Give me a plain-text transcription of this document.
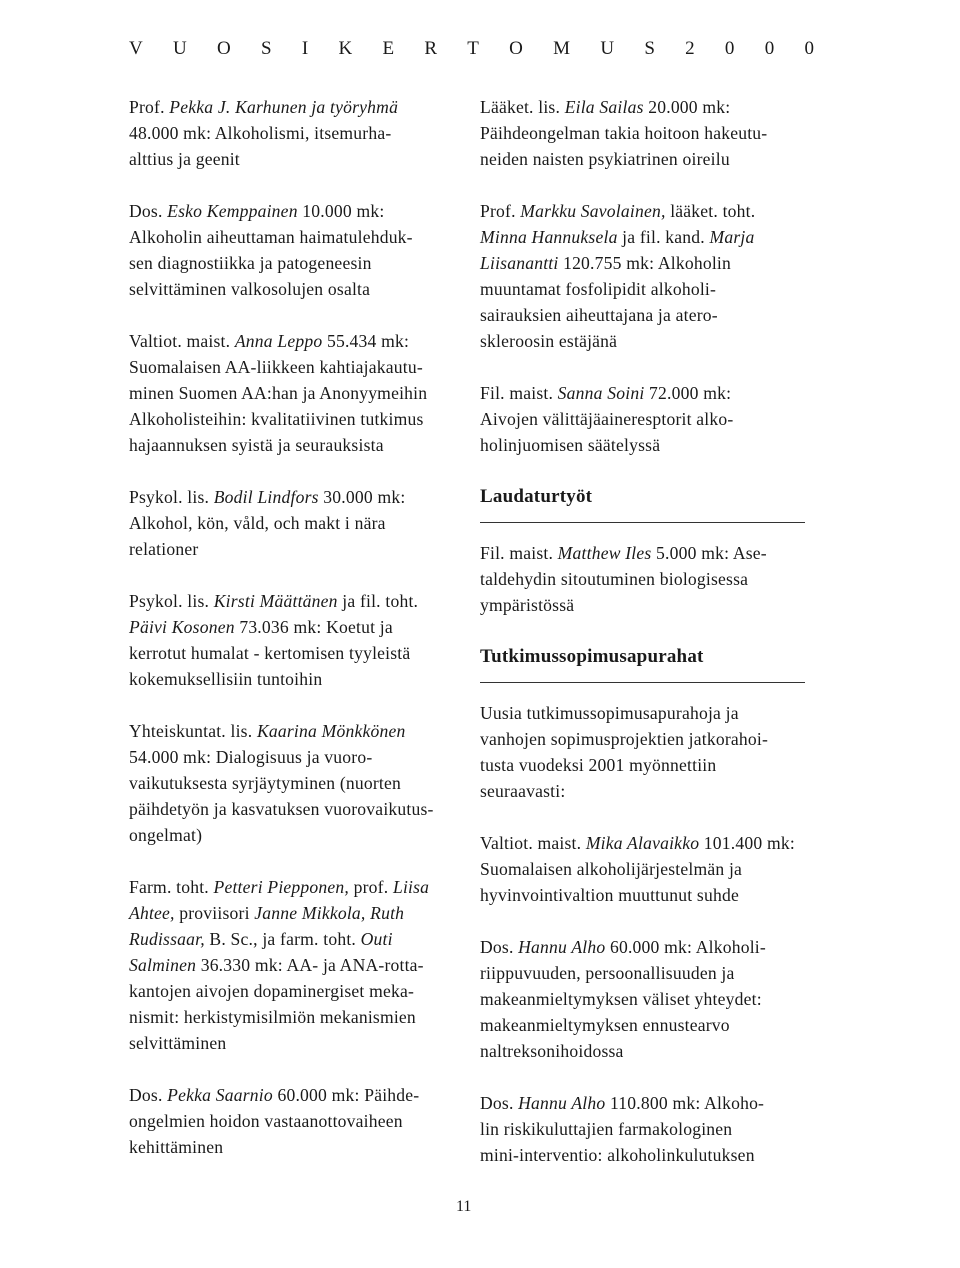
V U O S I K E R T O M U S 2 0 0 0
Prof. Pekka J. Karhunen ja työryhmä
48.000 mk: Alkoholismi, itsemurha-
alttius ja geenit
Dos. Esko Kemppainen 10.000 mk:
Alkoholin aiheuttaman haimatulehduk-
sen diagnostiikka ja patogeneesin
selvittäminen valkosolujen osalta
Valtiot. maist. Anna Leppo 55.434 mk:
Suomalaisen AA-liikkeen kahtiajakautu-
minen Suomen AA:han ja Anonyymeihin
Alkoholisteihin: kvalitatiivinen tutkimus
hajaannuksen syistä ja seurauksista
Psykol. lis. Bodil Lindfors 30.000 mk:
Alkohol, kön, våld, och makt i nära
relationer
Psykol. lis. Kirsti Määttänen ja fil. toht.
Päivi Kosonen 73.036 mk: Koetut ja
kerrotut humalat - kertomisen tyyleistä
kokemuksellisiin tuntoihin
Yhteiskuntat. lis. Kaarina Mönkkönen
54.000 mk: Dialogisuus ja vuoro-
vaikutuksesta syrjäytyminen (nuorten
päihdetyön ja kasvatuksen vuorovaikutus-
ongelmat)
Farm. toht. Petteri Piepponen, prof. Liisa
Ahtee, proviisori Janne Mikkola, Ruth
Rudissaar, B. Sc., ja farm. toht. Outi
Salminen 36.330 mk: AA- ja ANA-rotta-
kantojen aivojen dopaminergiset meka-
nismit: herkistymisilmiön mekanismien
selvittäminen
Dos. Pekka Saarnio 60.000 mk: Päihde-
ongelmien hoidon vastaanottovaiheen
kehittäminen
Lääket. lis. Eila Sailas 20.000 mk:
Päihdeongelman takia hoitoon hakeutu-
neiden naisten psykiatrinen oireilu
Prof. Markku Savolainen, lääket. toht.
Minna Hannuksela ja fil. kand. Marja
Liisanantti 120.755 mk: Alkoholin
muuntamat fosfolipidit alkoholi-
sairauksien aiheuttajana ja atero-
skleroosin estäjänä
Fil. maist. Sanna Soini 72.000 mk:
Aivojen välittäjäaineresptorit alko-
holinjuomisen säätelyssä
Laudaturtyöt
Fil. maist. Matthew Iles 5.000 mk: Ase-
taldehydin sitoutuminen biologisessa
ympäristössä
Tutkimussopimusapurahat
Uusia tutkimussopimusapurahoja ja
vanhojen sopimusprojektien jatkorahoi-
tusta vuodeksi 2001 myönnettiin
seuraavasti:
Valtiot. maist. Mika Alavaikko 101.400 mk:
Suomalaisen alkoholijärjestelmän ja
hyvinvointivaltion muuttunut suhde
Dos. Hannu Alho 60.000 mk: Alkoholi-
riippuvuuden, persoonallisuuden ja
makeanmieltymyksen väliset yhteydet:
makeanmieltymyksen ennustearvo
naltreksonihoidossa
Dos. Hannu Alho 110.800 mk: Alkoho-
lin riskikuluttajien farmakologinen
mini-interventio: alkoholinkulutuksen
11
